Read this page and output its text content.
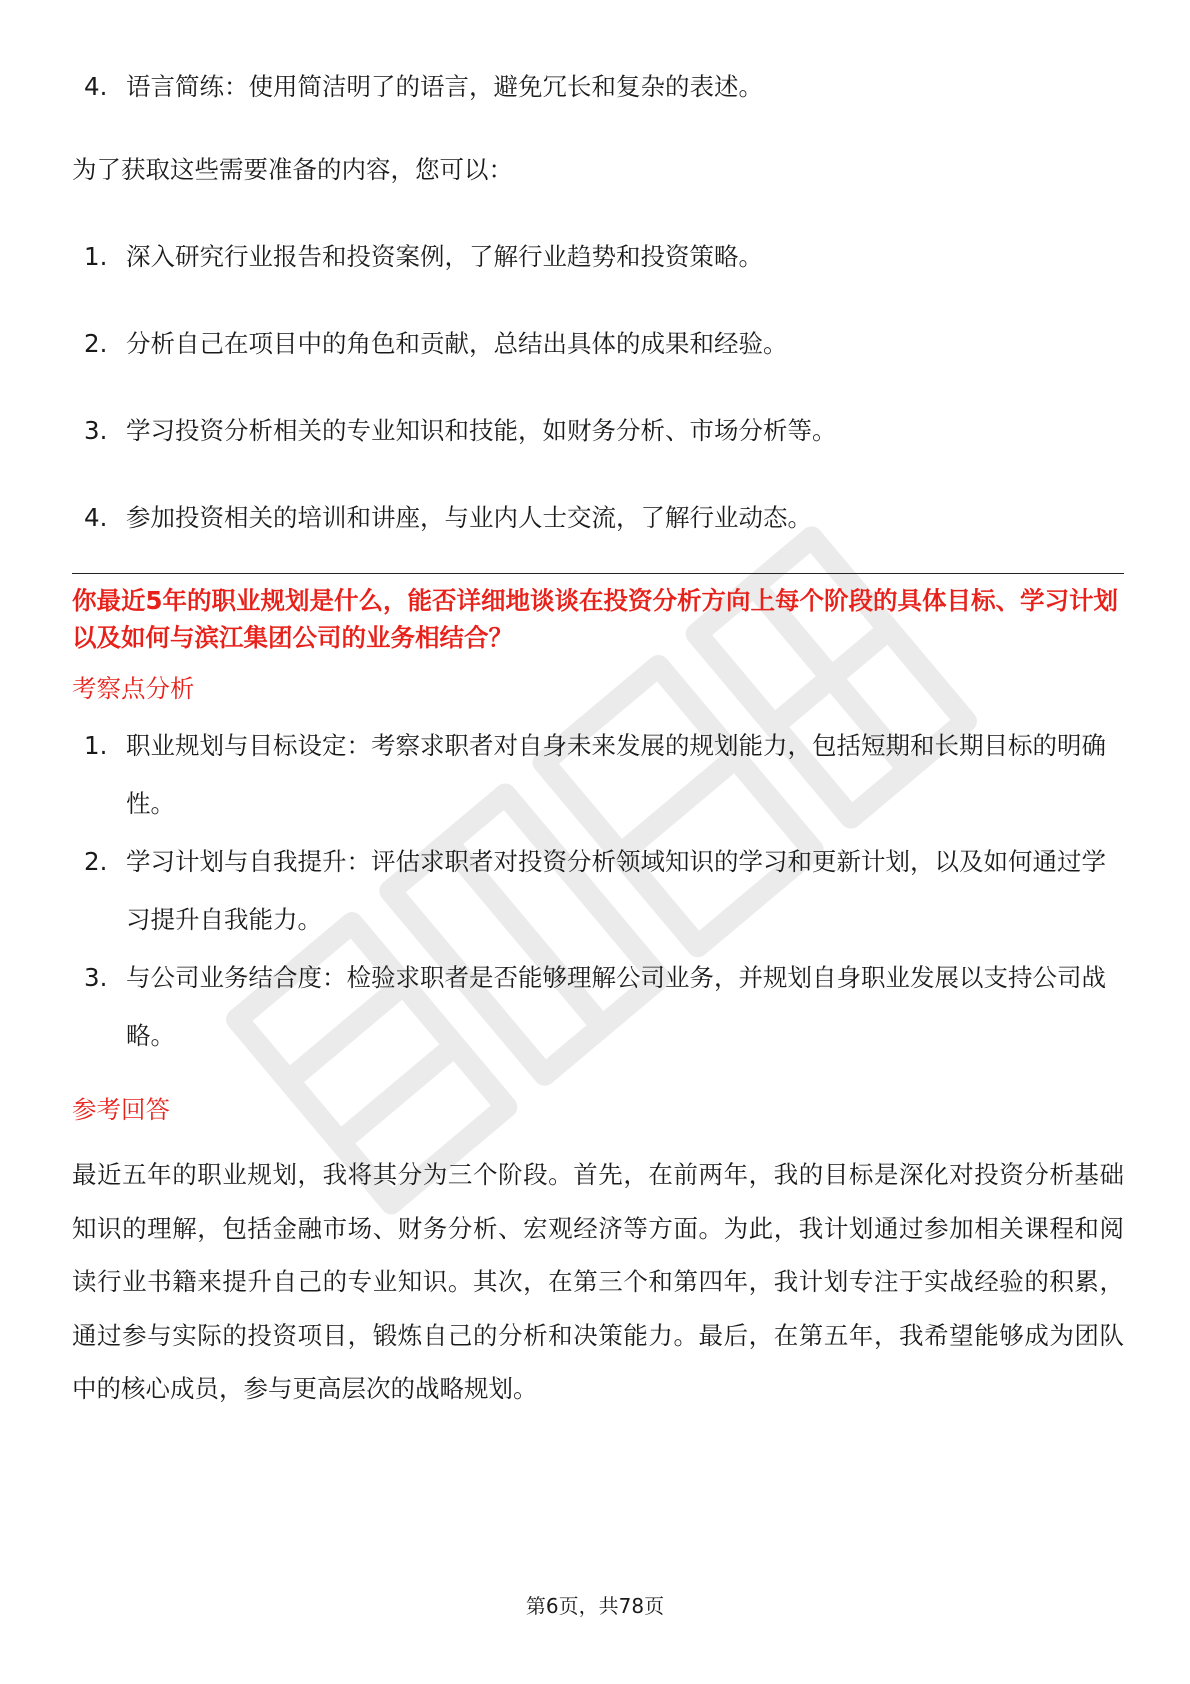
4. 语言简练：使用简洁明了的语言，避免冗长和复杂的表述。

为了获取这些需要准备的内容，您可以：

1. 深入研究行业报告和投资案例，了解行业趋势和投资策略。
2. 分析自己在项目中的角色和贡献，总结出具体的成果和经验。
3. 学习投资分析相关的专业知识和技能，如财务分析、市场分析等。
4. 参加投资相关的培训和讲座，与业内人士交流，了解行业动态。

你最近5年的职业规划是什么，能否详细地谈谈在投资分析方向上每个阶段的具体目标、学习计划以及如何与滨江集团公司的业务相结合？

考察点分析
1. 职业规划与目标设定：考察求职者对自身未来发展的规划能力，包括短期和长期目标的明确性。
2. 学习计划与自我提升：评估求职者对投资分析领域知识的学习和更新计划，以及如何通过学习提升自我能力。
3. 与公司业务结合度：检验求职者是否能够理解公司业务，并规划自身职业发展以支持公司战略。
参考回答

最近五年的职业规划，我将其分为三个阶段。首先，在前两年，我的目标是深化对投资分析基础知识的理解，包括金融市场、财务分析、宏观经济等方面。为此，我计划通过参加相关课程和阅读行业书籍来提升自己的专业知识。其次，在第三个和第四年，我计划专注于实战经验的积累，通过参与实际的投资项目，锻炼自己的分析和决策能力。最后，在第五年，我希望能够成为团队中的核心成员，参与更高层次的战略规划。

第6页，共78页
